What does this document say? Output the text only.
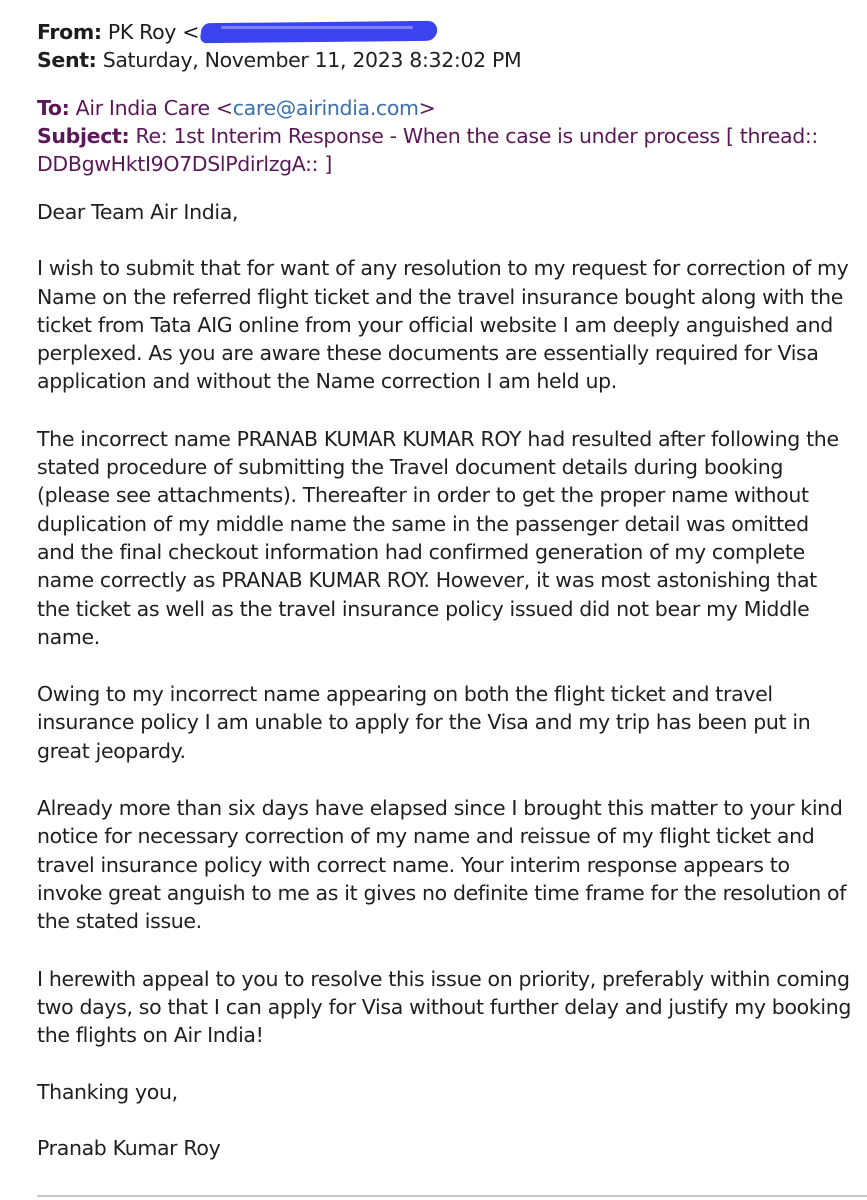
From: PK Roy <
Sent: Saturday, November 11, 2023 8:32:02 PM
To: Air India Care <care@airindia.com>
Subject: Re: 1st Interim Response - When the case is under process [ thread:: DDBgwHktI9O7DSlPdirlzgA:: ]

Dear Team Air India,

I wish to submit that for want of any resolution to my request for correction of my Name on the referred flight ticket and the travel insurance bought along with the ticket from Tata AIG online from your official website I am deeply anguished and perplexed. As you are aware these documents are essentially required for Visa application and without the Name correction I am held up.

The incorrect name PRANAB KUMAR KUMAR ROY had resulted after following the stated procedure of submitting the Travel document details during booking (please see attachments). Thereafter in order to get the proper name without duplication of my middle name the same in the passenger detail was omitted and the final checkout information had confirmed generation of my complete name correctly as PRANAB KUMAR ROY. However, it was most astonishing that the ticket as well as the travel insurance policy issued did not bear my Middle name.

Owing to my incorrect name appearing on both the flight ticket and travel insurance policy I am unable to apply for the Visa and my trip has been put in great jeopardy.

Already more than six days have elapsed since I brought this matter to your kind notice for necessary correction of my name and reissue of my flight ticket and travel insurance policy with correct name. Your interim response appears to invoke great anguish to me as it gives no definite time frame for the resolution of the stated issue.

I herewith appeal to you to resolve this issue on priority, preferably within coming two days, so that I can apply for Visa without further delay and justify my booking the flights on Air India!

Thanking you,

Pranab Kumar Roy
